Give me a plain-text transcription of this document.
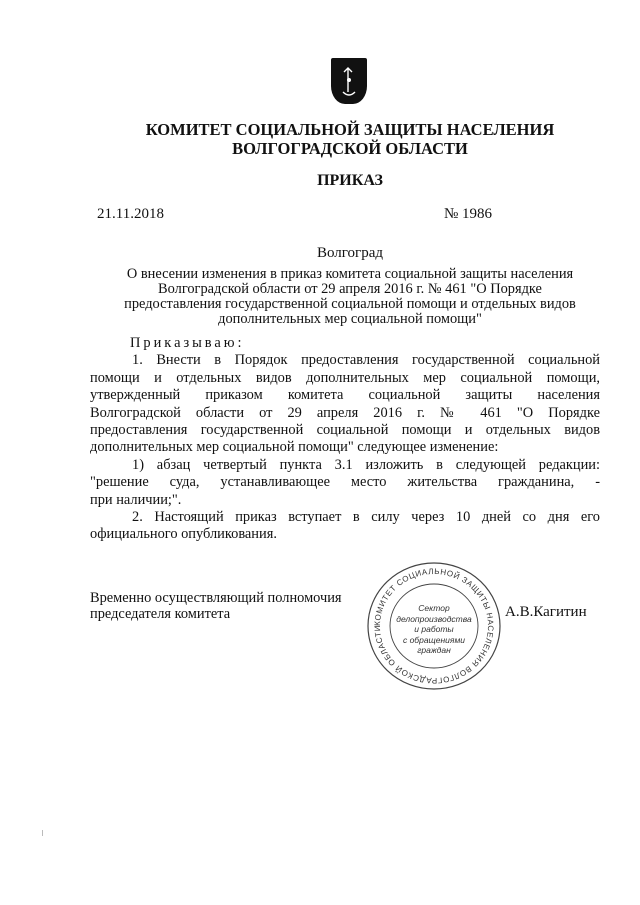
КОМИТЕТ СОЦИАЛЬНОЙ ЗАЩИТЫ НАСЕЛЕНИЯ
ВОЛГОГРАДСКОЙ ОБЛАСТИ
ПРИКАЗ
21.11.2018	№ 1986
Волгоград
О внесении изменения в приказ комитета социальной защиты населения
Волгоградской области от 29 апреля 2016 г. № 461 "О Порядке
предоставления государственной социальной помощи и отдельных видов
дополнительных мер социальной помощи"
Приказываю:
1. Внести в Порядок предоставления государственной социальной
помощи и отдельных видов дополнительных мер социальной помощи,
утвержденный приказом комитета социальной защиты населения
Волгоградской области от 29 апреля 2016 г. № 461 "О Порядке
предоставления государственной социальной помощи и отдельных видов
дополнительных мер социальной помощи" следующее изменение:
1) абзац четвертый пункта 3.1 изложить в следующей редакции:
"решение суда, устанавливающее место жительства гражданина, -
при наличии;".
2. Настоящий приказ вступает в силу через 10 дней со дня его
официального опубликования.
Временно осуществляющий полномочия
председателя комитета
КОМИТЕТ СОЦИАЛЬНОЙ ЗАЩИТЫ НАСЕЛЕНИЯ ВОЛГОГРАДСКОЙ ОБЛАСТИ
Сектор
делопроизводства
и работы
с обращениями
граждан
А.В.Кагитин
